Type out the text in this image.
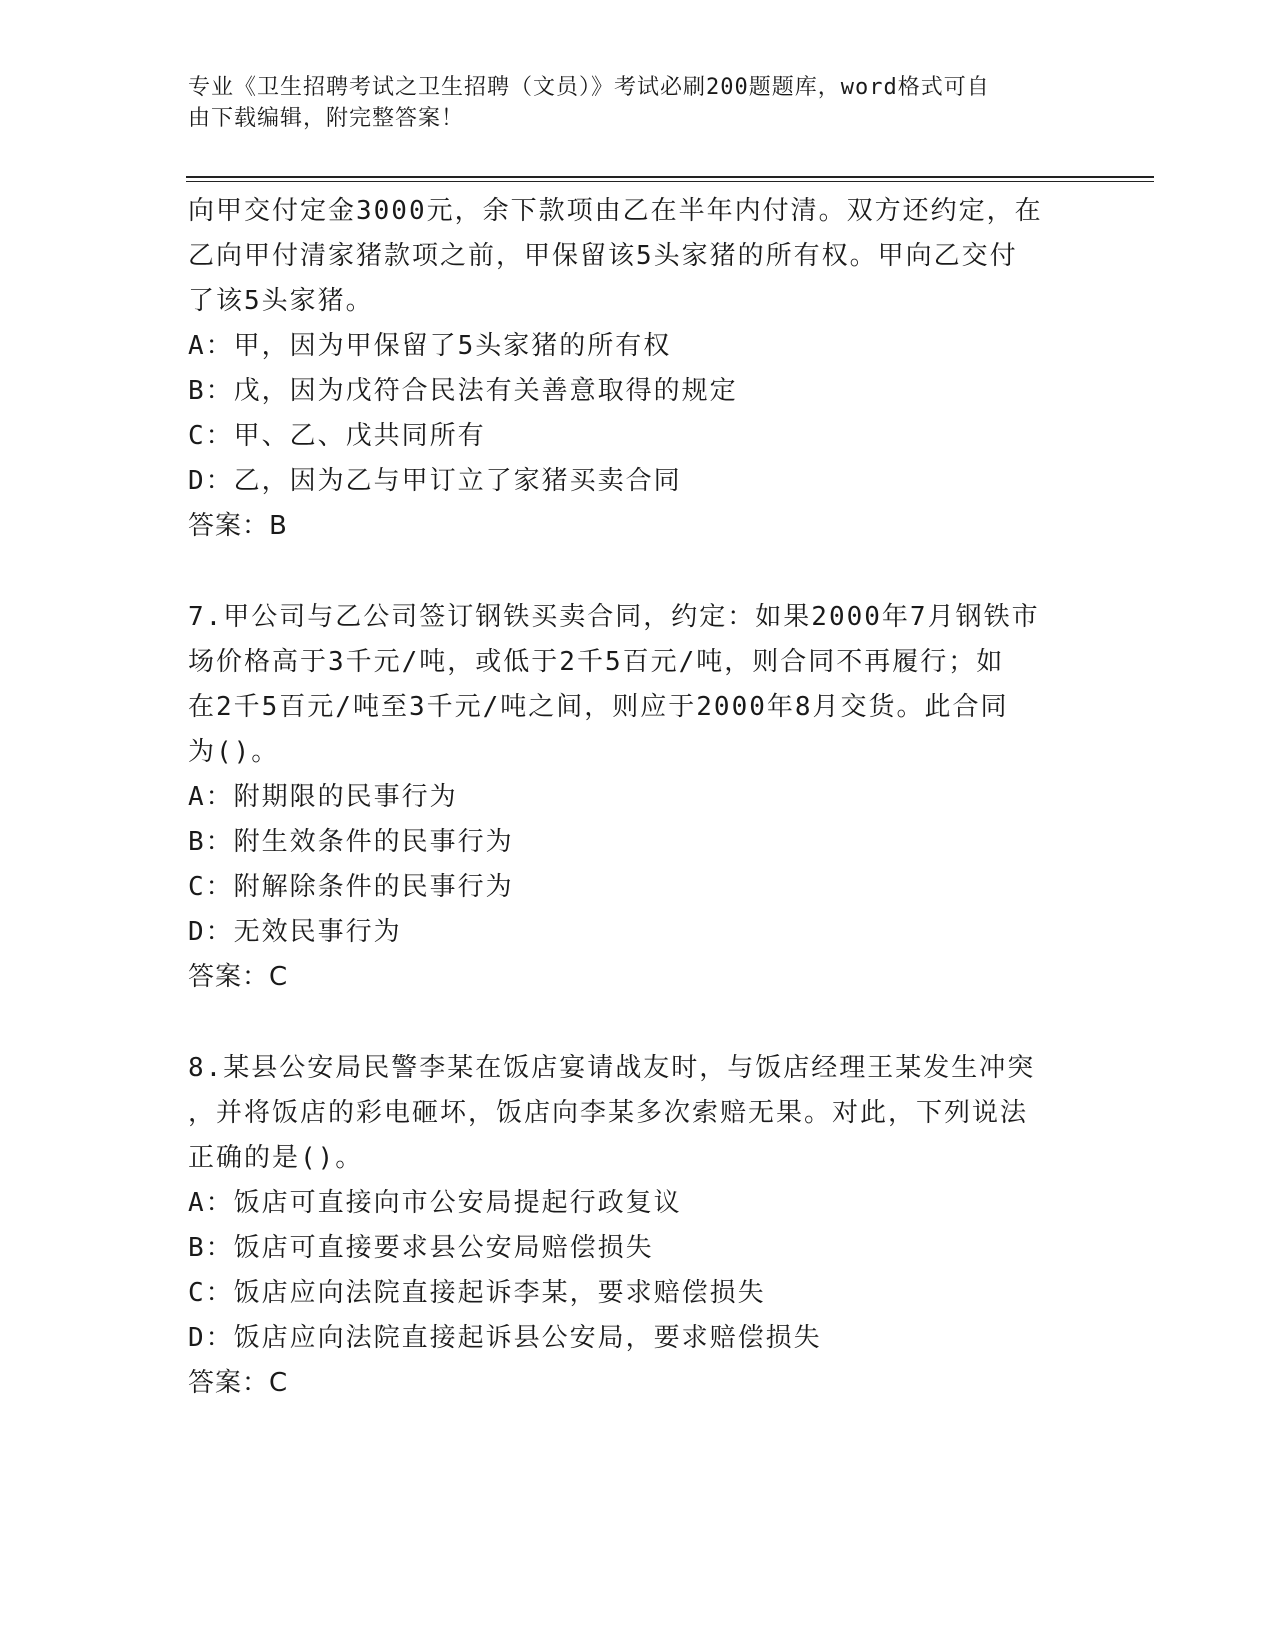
专业《卫生招聘考试之卫生招聘（文员）》考试必刷200题题库，word格式可自
由下载编辑，附完整答案！
向甲交付定金3000元，余下款项由乙在半年内付清。双方还约定，在
乙向甲付清家猪款项之前，甲保留该5头家猪的所有权。甲向乙交付
了该5头家猪。
A：甲，因为甲保留了5头家猪的所有权
B：戊，因为戊符合民法有关善意取得的规定
C：甲、乙、戊共同所有
D：乙，因为乙与甲订立了家猪买卖合同
答案：B
7.甲公司与乙公司签订钢铁买卖合同，约定：如果2000年7月钢铁市
场价格高于3千元/吨，或低于2千5百元/吨，则合同不再履行；如
在2千5百元/吨至3千元/吨之间，则应于2000年8月交货。此合同
为()。
A：附期限的民事行为
B：附生效条件的民事行为
C：附解除条件的民事行为
D：无效民事行为
答案：C
8.某县公安局民警李某在饭店宴请战友时，与饭店经理王某发生冲突
，并将饭店的彩电砸坏，饭店向李某多次索赔无果。对此，下列说法
正确的是()。
A：饭店可直接向市公安局提起行政复议
B：饭店可直接要求县公安局赔偿损失
C：饭店应向法院直接起诉李某，要求赔偿损失
D：饭店应向法院直接起诉县公安局，要求赔偿损失
答案：C
